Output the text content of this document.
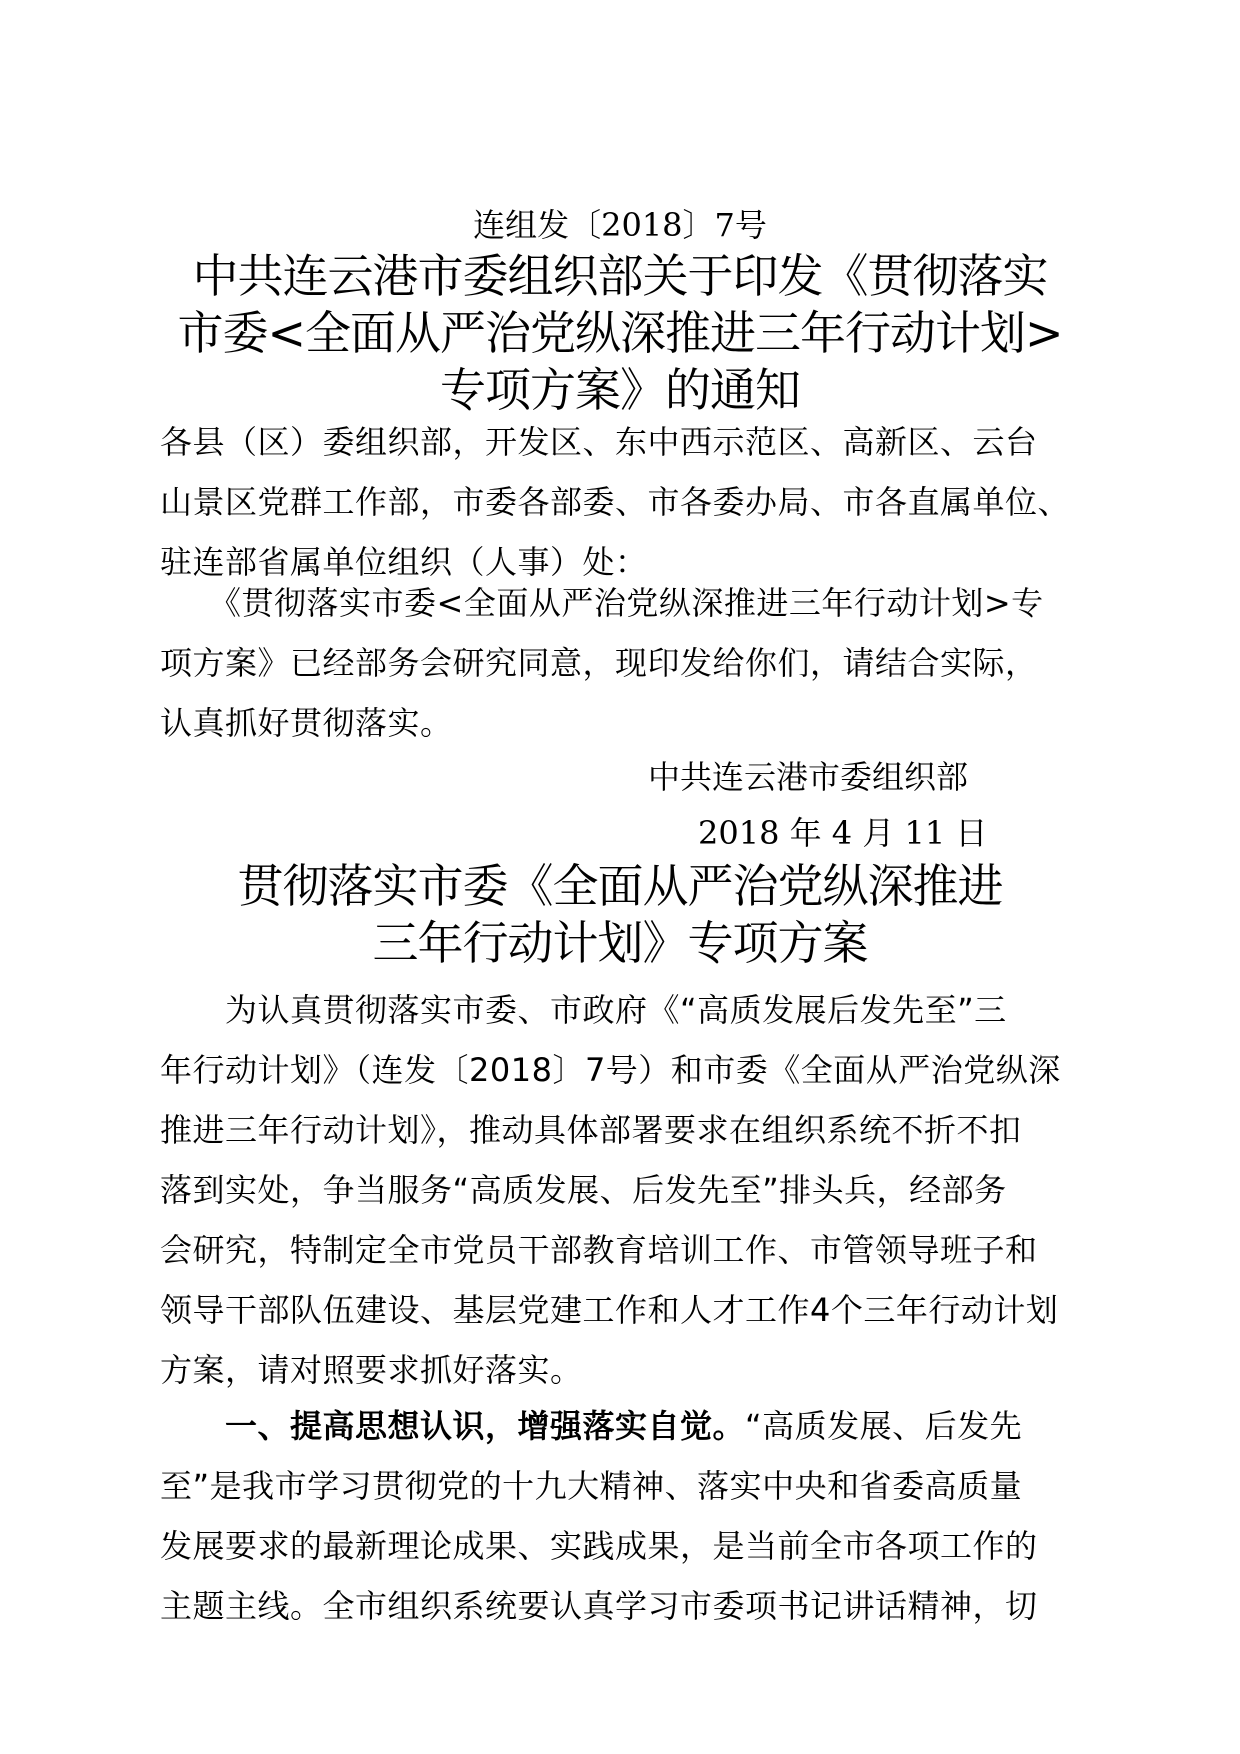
连组发〔2018〕7号
中共连云港市委组织部关于印发《贯彻落实
市委<全面从严治党纵深推进三年行动计划>
专项方案》的通知
各县（区）委组织部，开发区、东中西示范区、高新区、云台
山景区党群工作部，市委各部委、市各委办局、市各直属单位、
驻连部省属单位组织（人事）处：
　　《贯彻落实市委<全面从严治党纵深推进三年行动计划>专
项方案》已经部务会研究同意，现印发给你们，请结合实际，
认真抓好贯彻落实。
中共连云港市委组织部
2018 年 4 月 11 日
贯彻落实市委《全面从严治党纵深推进
三年行动计划》专项方案
　　为认真贯彻落实市委、市政府《“高质发展后发先至”三
年行动计划》（连发〔2018〕7号）和市委《全面从严治党纵深
推进三年行动计划》，推动具体部署要求在组织系统不折不扣
落到实处，争当服务“高质发展、后发先至”排头兵，经部务
会研究，特制定全市党员干部教育培训工作、市管领导班子和
领导干部队伍建设、基层党建工作和人才工作4个三年行动计划
方案，请对照要求抓好落实。
　　一、提高思想认识，增强落实自觉。“高质发展、后发先
至”是我市学习贯彻党的十九大精神、落实中央和省委高质量
发展要求的最新理论成果、实践成果，是当前全市各项工作的
主题主线。全市组织系统要认真学习市委项书记讲话精神，切
